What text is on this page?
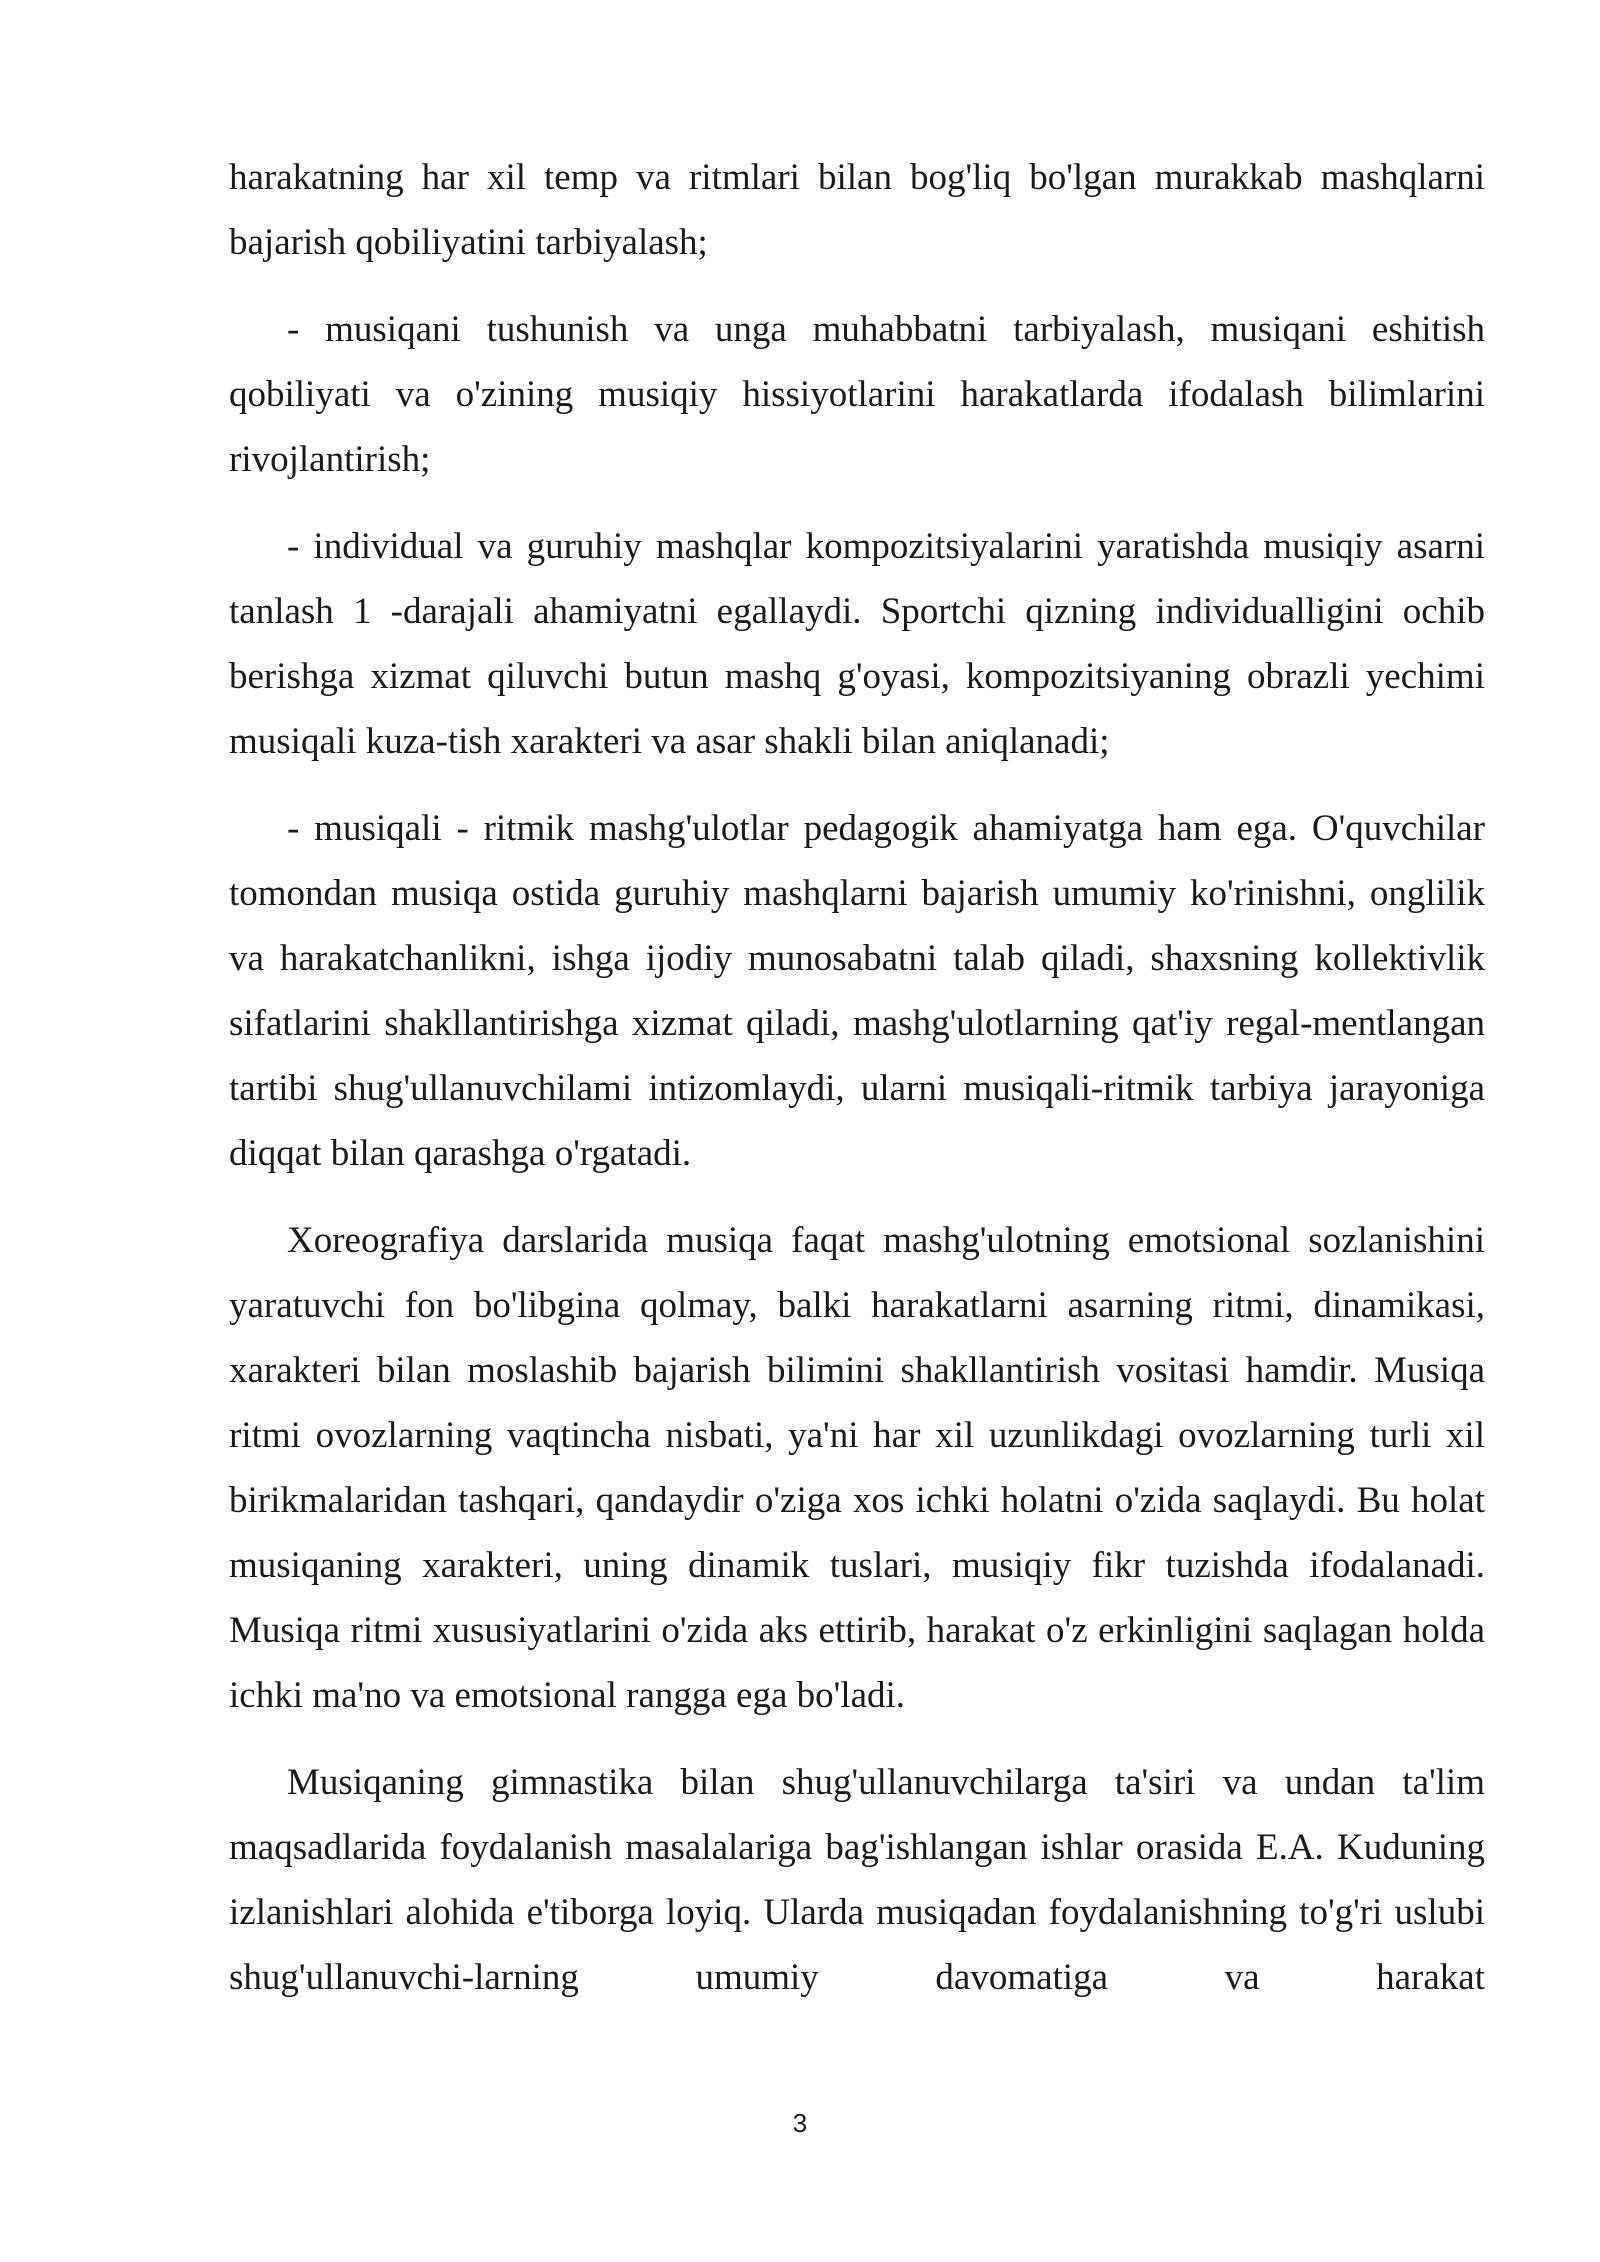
harakatning har xil temp va ritmlari bilan bog'liq bo'lgan murakkab mashqlarni bajarish qobiliyatini tarbiyalash;

- musiqani tushunish va unga muhabbatni tarbiyalash, musiqani eshitish qobiliyati va o'zining musiqiy hissiyotlarini harakatlarda ifodalash bilimlarini rivojlantirish;

- individual va guruhiy mashqlar kompozitsiyalarini yaratishda musiqiy asarni tanlash 1 -darajali ahamiyatni egallaydi. Sportchi qizning individualligini ochib berishga xizmat qiluvchi butun mashq g'oyasi, kompozitsiyaning obrazli yechimi musiqali kuza-tish xarakteri va asar shakli bilan aniqlanadi;

- musiqali - ritmik mashg'ulotlar pedagogik ahamiyatga ham ega. O'quvchilar tomondan musiqa ostida guruhiy mashqlarni bajarish umumiy ko'rinishni, onglilik va harakatchanlikni, ishga ijodiy munosabatni talab qiladi, shaxsning kollektivlik sifatlarini shakllantirishga xizmat qiladi, mashg'ulotlarning qat'iy regal-mentlangan tartibi shug'ullanuvchilami intizomlaydi, ularni musiqali-ritmik tarbiya jarayoniga diqqat bilan qarashga o'rgatadi.

Xoreografiya darslarida musiqa faqat mashg'ulotning emotsional sozlanishini yaratuvchi fon bo'libgina qolmay, balki harakatlarni asarning ritmi, dinamikasi, xarakteri bilan moslashib bajarish bilimini shakllantirish vositasi hamdir. Musiqa ritmi ovozlarning vaqtincha nisbati, ya'ni har xil uzunlikdagi ovozlarning turli xil birikmalaridan tashqari, qandaydir o'ziga xos ichki holatni o'zida saqlaydi. Bu holat musiqaning xarakteri, uning dinamik tuslari, musiqiy fikr tuzishda ifodalanadi. Musiqa ritmi xususiyatlarini o'zida aks ettirib, harakat o'z erkinligini saqlagan holda ichki ma'no va emotsional rangga ega bo'ladi.

Musiqaning gimnastika bilan shug'ullanuvchilarga ta'siri va undan ta'lim maqsadlarida foydalanish masalalariga bag'ishlangan ishlar orasida E.A. Kuduning izlanishlari alohida e'tiborga loyiq. Ularda musiqadan foydalanishning to'g'ri uslubi shug'ullanuvchi-larning umumiy davomatiga va harakat

3
